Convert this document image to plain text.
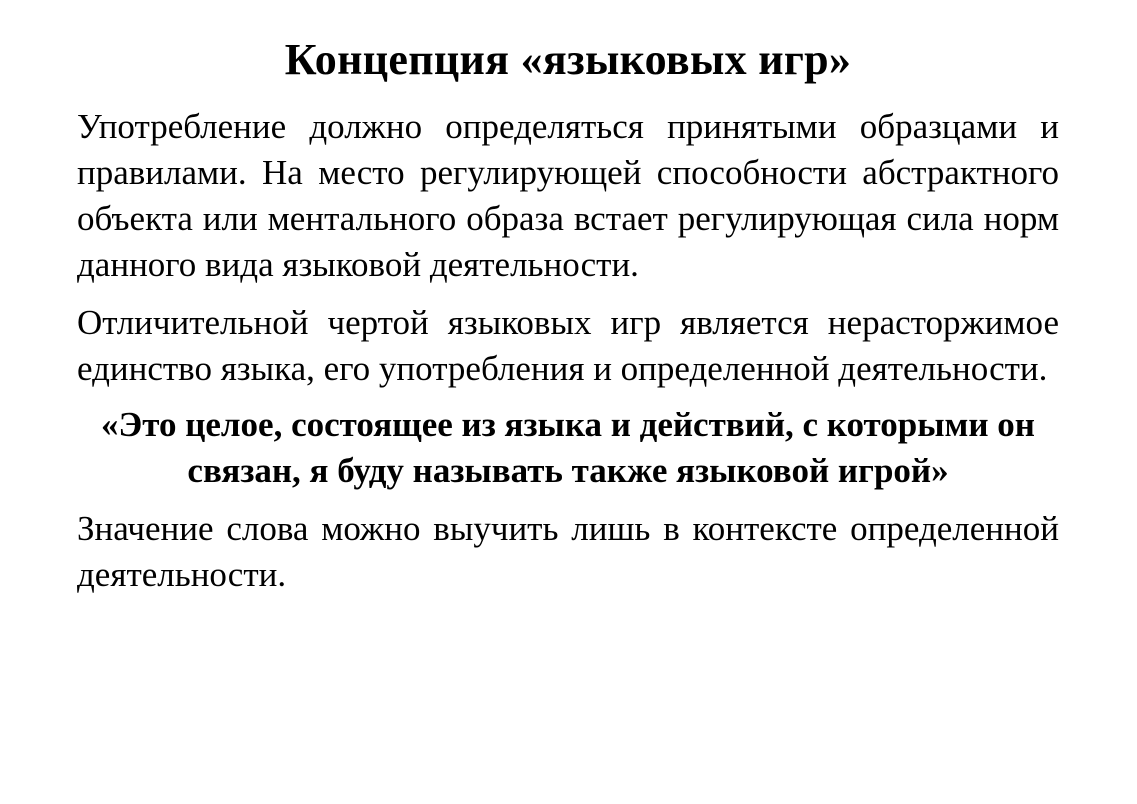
Концепция «языковых игр»

Употребление должно определяться принятыми образцами и правилами. На место регулирующей способности абстрактного объекта или ментального образа встает регулирующая сила норм данного вида языковой деятельности.

Отличительной чертой языковых игр является нерасторжимое единство языка, его употребления и определенной деятельности.

«Это целое, состоящее из языка и действий, с которыми он связан, я буду называть также языковой игрой»

Значение слова можно выучить лишь в контексте определенной деятельности.
